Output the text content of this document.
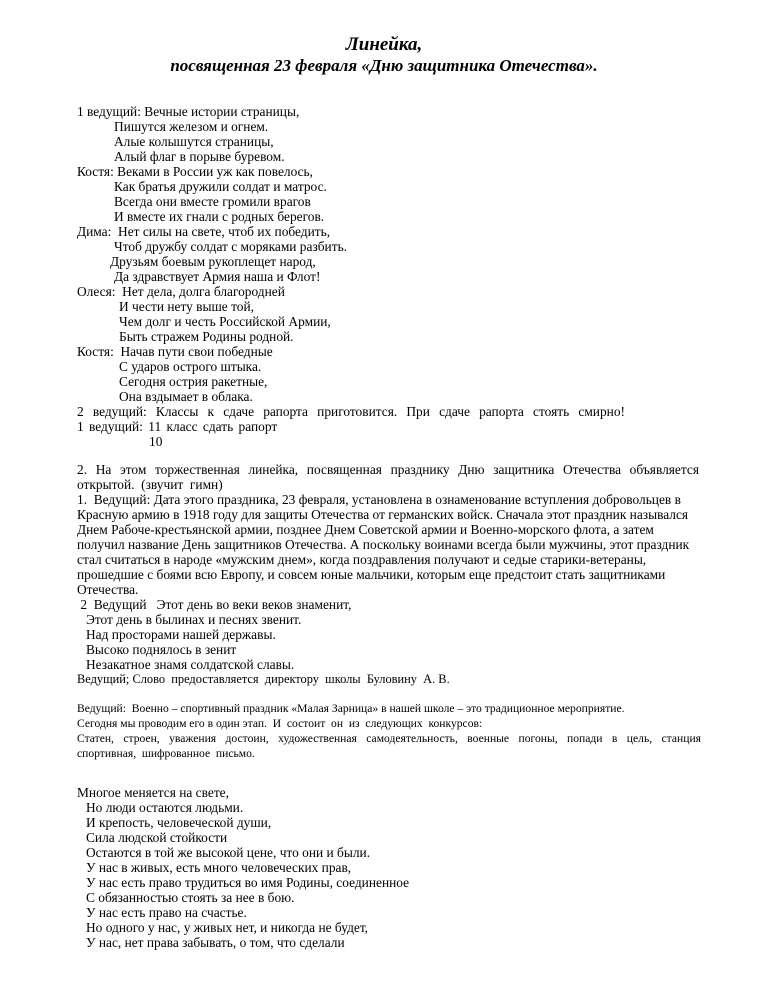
Линейка,
посвященная 23 февраля «Дню защитника Отечества».

1 ведущий: Вечные истории страницы,

Пишутся железом и огнем.

Алые колышутся страницы,

Алый флаг в порыве буревом.

Костя: Веками в России уж как повелось,

Как братья дружили солдат и матрос.

Всегда они вместе громили врагов

И вместе их гнали с родных берегов.

Дима:  Нет силы на свете, чтоб их победить,

Чтоб дружбу солдат с моряками разбить.

Друзьям боевым рукоплещет народ,

Да здравствует Армия наша и Флот!

Олеся:  Нет дела, долга благородней

И чести нету выше той,

Чем долг и честь Российской Армии,

Быть стражем Родины родной.

Костя:  Начав пути свои победные

С ударов острого штыка.

Сегодня острия ракетные,

Она вздымает в облака.

2 ведущий: Классы к сдаче рапорта приготовится. При сдаче рапорта стоять смирно!

1 ведущий: 11 класс сдать рапорт

10

2. На этом торжественная линейка, посвященная празднику Дню защитника Отечества объявляется

открытой.  (звучит  гимн)

1.  Ведущий: Дата этого праздника, 23 февраля, установлена в ознаменование вступления добровольцев в

Красную армию в 1918 году для защиты Отечества от германских войск. Сначала этот праздник назывался

Днем Рабоче-крестьянской армии, позднее Днем Советской армии и Военно-морского флота, а затем

получил название День защитников Отечества. А поскольку воинами всегда были мужчины, этот праздник

стал считаться в народе «мужским днем», когда поздравления получают и седые старики-ветераны,

прошедшие с боями всю Европу, и совсем юные мальчики, которым еще предстоит стать защитниками

Отечества.

2  Ведущий   Этот день во веки веков знаменит,

Этот день в былинах и песнях звенит.

Над просторами нашей державы.

Высоко поднялось в зенит

Незакатное знамя солдатской славы.

Ведущий; Слово  предоставляется  директору  школы  Буловину  А. В.

Ведущий:  Военно – спортивный праздник «Малая Зарница» в нашей школе – это традиционное мероприятие.

Сегодня мы проводим его в один этап.  И  состоит  он  из  следующих  конкурсов:

Статен, строен, уважения достоин, художественная самодеятельность, военные погоны, попади в цель, станция

спортивная,  шифрованное  письмо.

Многое меняется на свете,

Но люди остаются людьми.

И крепость, человеческой души,

Сила людской стойкости

Остаются в той же высокой цене, что они и были.

У нас в живых, есть много человеческих прав,

У нас есть право трудиться во имя Родины, соединенное

С обязанностью стоять за нее в бою.

У нас есть право на счастье.

Но одного у нас, у живых нет, и никогда не будет,

У нас, нет права забывать, о том, что сделали
